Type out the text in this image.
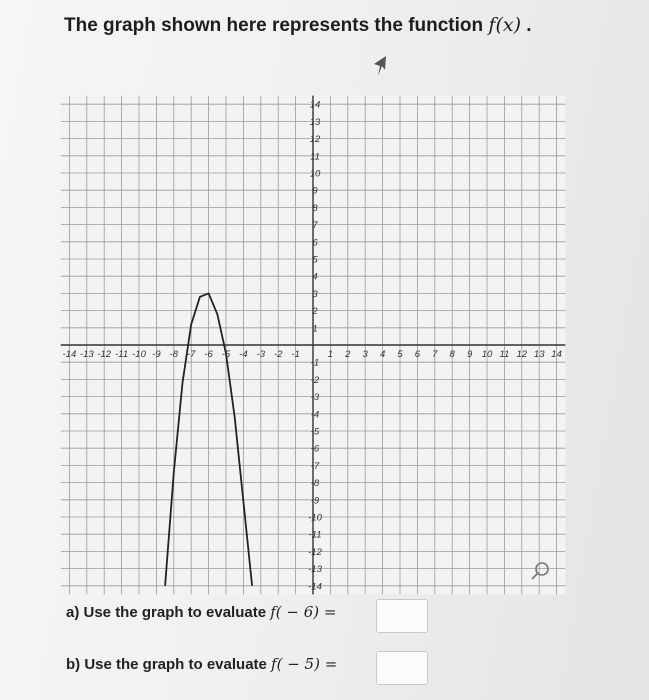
The graph shown here represents the function f(x) .
-14 -13 -12 -11 -10 -9 -8 -7 -6 -5 -4 -3 -2 -1	1 2 3 4 5 6 7 8 9 10 11 12 13 14
14
13
12
11
10
9
8
7
6
5
4
3
2
1
-1
-2
-3
-4
-5
-6
-7
-8
-9
-10
-11
-12
-13
-14
a) Use the graph to evaluate f( − 6) =
b) Use the graph to evaluate f( − 5) =
